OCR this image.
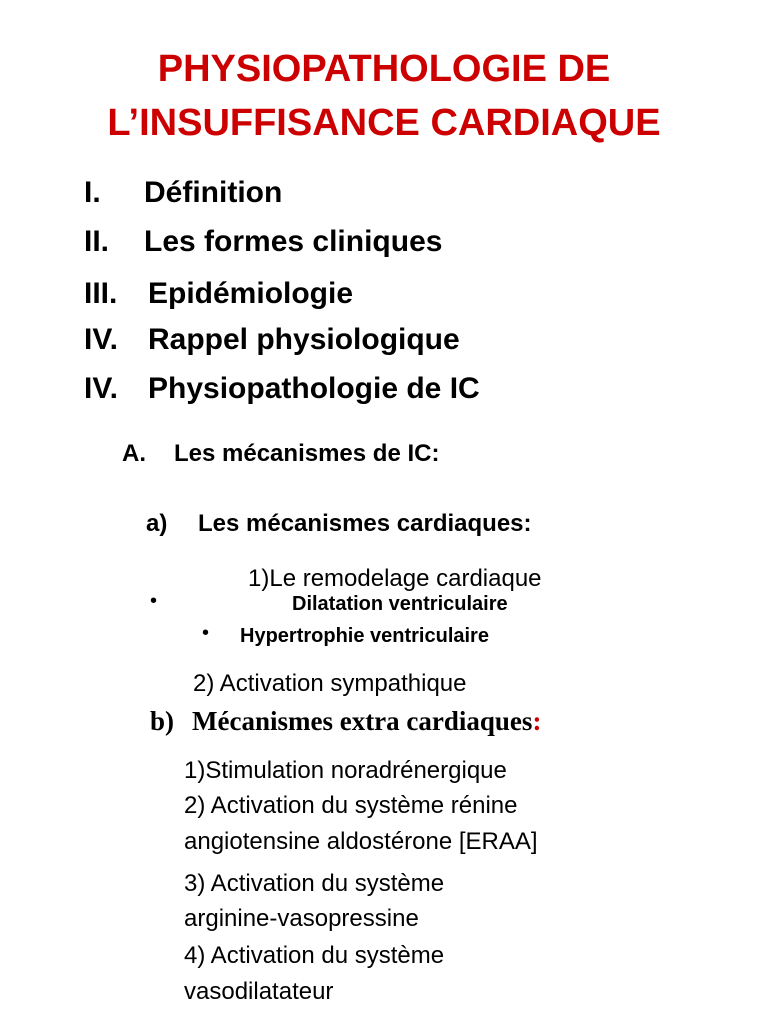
PHYSIOPATHOLOGIE DE
L’INSUFFISANCE CARDIAQUE
I. Définition
II. Les formes cliniques
III. Epidémiologie
IV. Rappel physiologique
IV. Physiopathologie de IC
A. Les mécanismes de IC:
a) Les mécanismes cardiaques:
1)Le remodelage cardiaque
•	Dilatation ventriculaire
• Hypertrophie ventriculaire
2) Activation sympathique
b) Mécanismes extra cardiaques:
1)Stimulation noradrénergique
2) Activation du système rénine
angiotensine aldostérone [ERAA]
3) Activation du système
arginine-vasopressine
4) Activation du système
vasodilatateur
